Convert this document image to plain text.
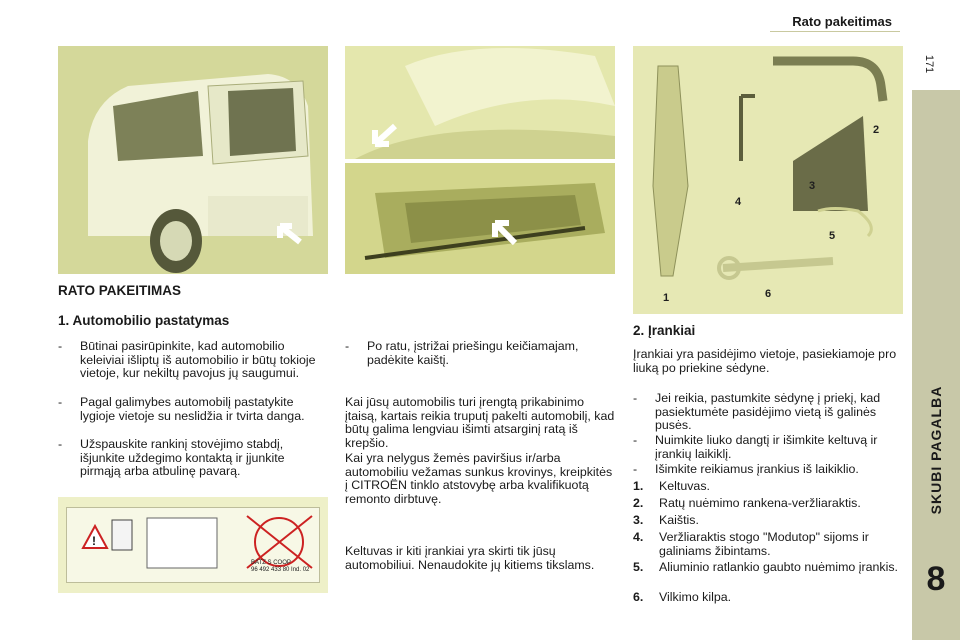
Rato pakeitimas
171
SKUBI PAGALBA
8
1
2
3
4
5
6
RATO PAKEITIMAS
1. Automobilio pastatymas
2. Įrankiai
- Būtinai pasirūpinkite, kad automobilio keleiviai išliptų iš automobilio ir būtų tokioje vietoje, kur nekiltų pavojus jų saugumui.
- Pagal galimybes automobilį pastatykite lygioje vietoje su neslidžia ir tvirta danga.
- Užspauskite rankinį stovėjimo stabdį, išjunkite uždegimo kontaktą ir įjunkite pirmąją arba atbulinę pavarą.
!
BATZ S COOP
96 492 433 80 Ind. 02
- Po ratu, įstrižai priešingu keičiamajam, padėkite kaištį.
Kai jūsų automobilis turi įrengtą prikabinimo įtaisą, kartais reikia truputį pakelti automobilį, kad būtų galima lengviau išimti atsarginį ratą iš krepšio.
Kai yra nelygus žemės paviršius ir/arba automobiliu vežamas sunkus krovinys, kreipkitės į CITROËN tinklo atstovybę arba kvalifikuotą remonto dirbtuvę.
Keltuvas ir kiti įrankiai yra skirti tik jūsų automobiliui. Nenaudokite jų kitiems tikslams.
Įrankiai yra pasidėjimo vietoje, pasiekiamoje pro liuką po priekine sėdyne.
- Jei reikia, pastumkite sėdynę į priekį, kad pasiektumėte pasidėjimo vietą iš galinės pusės.
- Nuimkite liuko dangtį ir išimkite keltuvą ir įrankių laikiklį.
- Išimkite reikiamus įrankius iš laikiklio.
1. Keltuvas.
2. Ratų nuėmimo rankena-veržliaraktis.
3. Kaištis.
4. Veržliaraktis stogo "Modutop" sijoms ir galiniams žibintams.
5. Aliuminio ratlankio gaubto nuėmimo įrankis.
6. Vilkimo kilpa.
